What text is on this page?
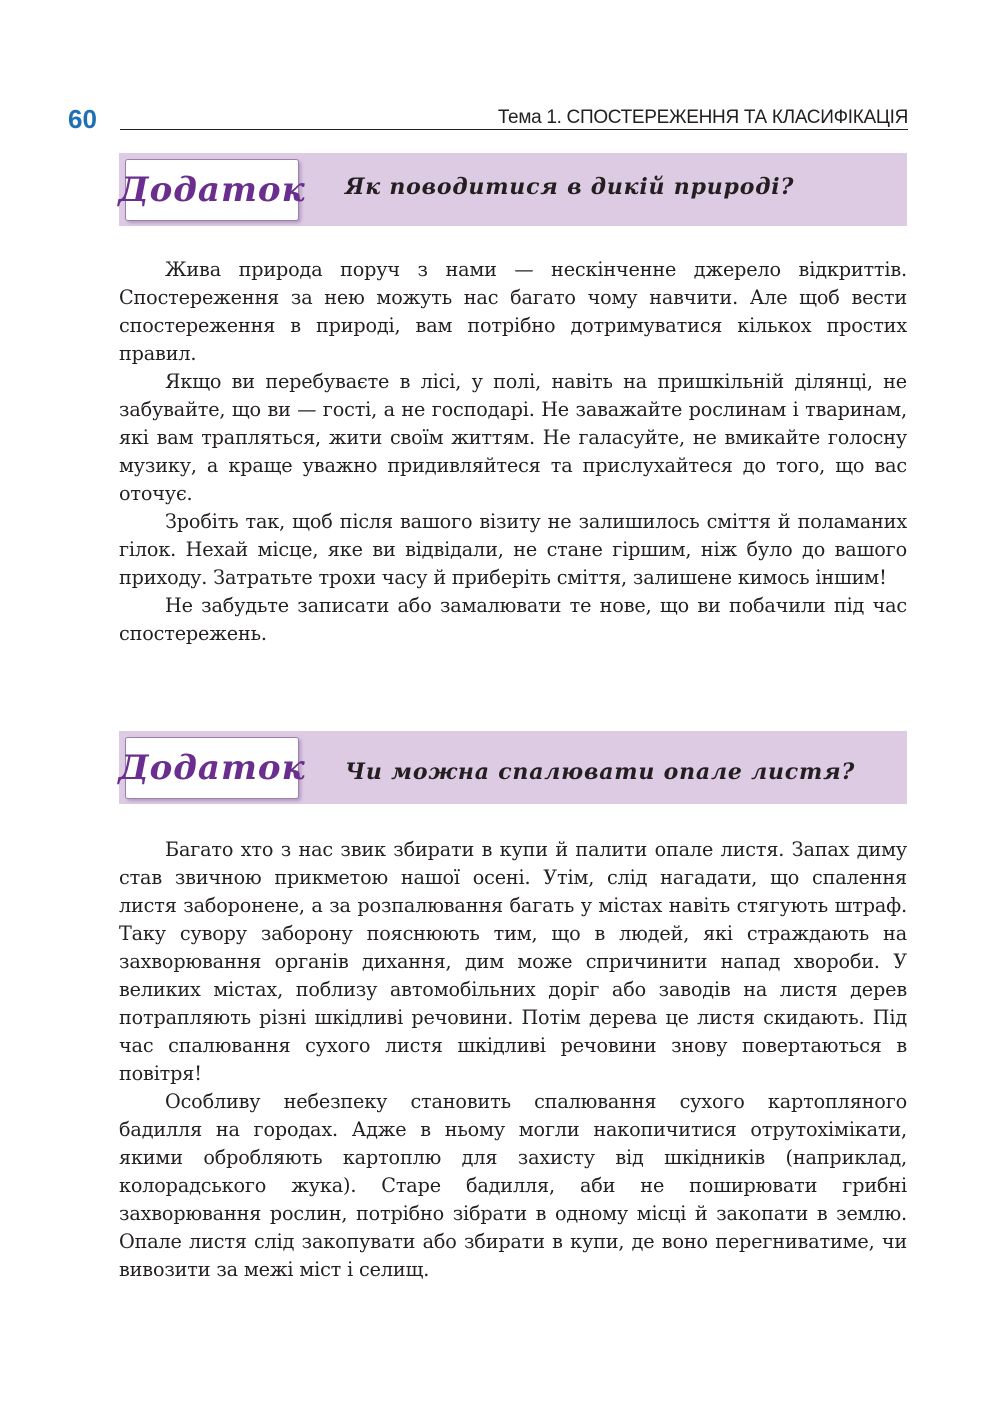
60	Тема 1. СПОСТЕРЕЖЕННЯ ТА КЛАСИФІКАЦІЯ
Додаток Як поводитися в дикій природі?

Жива природа поруч з нами — нескінченне джерело відкриттів. Спостереження за нею можуть нас багато чому навчити. Але щоб вести спостереження в природі, вам потрібно дотримуватися кількох простих правил.

Якщо ви перебуваєте в лісі, у полі, навіть на пришкільній ділянці, не забувайте, що ви — гості, а не господарі. Не заважайте рослинам і тваринам, які вам трапляться, жити своїм життям. Не галасуйте, не вмикайте голосну музику, а краще уважно придивляйтеся та прислухайтеся до того, що вас оточує.

Зробіть так, щоб після вашого візиту не залишилось сміття й поламаних гілок. Нехай місце, яке ви відвідали, не стане гіршим, ніж було до вашого приходу. Затратьте трохи часу й приберіть сміття, залишене кимось іншим!

Не забудьте записати або замалювати те нове, що ви побачили під час спостережень.

Додаток Чи можна спалювати опале листя?

Багато хто з нас звик збирати в купи й палити опале листя. Запах диму став звичною прикметою нашої осені. Утім, слід нагадати, що спалення листя заборонене, а за розпалювання багать у містах навіть стягують штраф. Таку сувору заборону пояснюють тим, що в людей, які страждають на захворювання органів дихання, дим може спричинити напад хвороби. У великих містах, поблизу автомобільних доріг або заводів на листя дерев потрапляють різні шкідливі речовини. Потім дерева це листя скидають. Під час спалювання сухого листя шкідливі речовини знову повертаються в повітря!

Особливу небезпеку становить спалювання сухого картопляного бадилля на городах. Адже в ньому могли накопичитися отрутохімікати, якими обробляють картоплю для захисту від шкідників (наприклад, колорадського жука). Старе бадилля, аби не поширювати грибні захворювання рослин, потрібно зібрати в одному місці й закопати в землю. Опале листя слід закопувати або збирати в купи, де воно перегниватиме, чи вивозити за межі міст і селищ.
